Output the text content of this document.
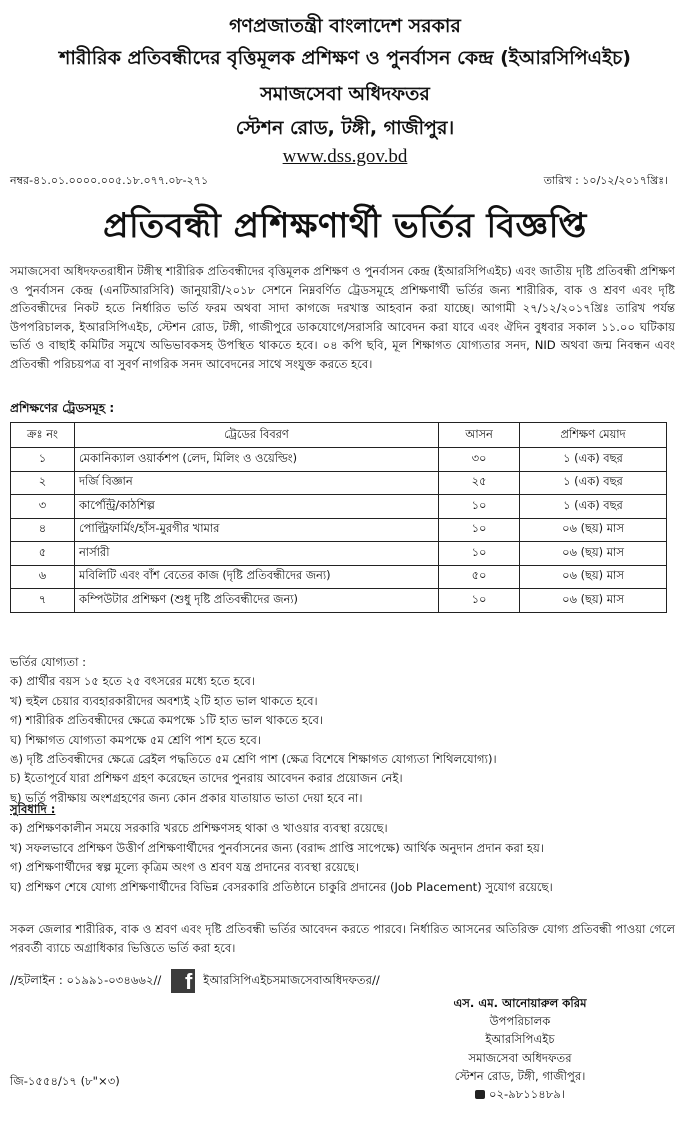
গণপ্রজাতন্ত্রী বাংলাদেশ সরকার
শারীরিক প্রতিবন্ধীদের বৃত্তিমূলক প্রশিক্ষণ ও পুনর্বাসন কেন্দ্র (ইআরসিপিএইচ)
সমাজসেবা অধিদফতর
স্টেশন রোড, টঙ্গী, গাজীপুর।
www.dss.gov.bd
নম্বর-৪১.০১.০০০০.০০৫.১৮.০৭৭.০৮-২৭১	তারিখ : ১০/১২/২০১৭খ্রিঃ।
প্রতিবন্ধী প্রশিক্ষণার্থী ভর্তির বিজ্ঞপ্তি
সমাজসেবা অধিদফতরাধীন টঙ্গীস্থ শারীরিক প্রতিবন্ধীদের বৃত্তিমূলক প্রশিক্ষণ ও পুনর্বাসন কেন্দ্র (ইআরসিপিএইচ) এবং জাতীয় দৃষ্টি প্রতিবন্ধী প্রশিক্ষণ ও পুনর্বাসন কেন্দ্র (এনটিআরসিবি) জানুয়ারী/২০১৮ সেশনে নিম্নবর্ণিত ট্রেডসমূহে প্রশিক্ষণার্থী ভর্তির জন্য শারীরিক, বাক ও শ্রবণ এবং দৃষ্টি প্রতিবন্ধীদের নিকট হতে নির্ধারিত ভর্তি ফরম অথবা সাদা কাগজে দরখাস্ত আহবান করা যাচ্ছে। আগামী ২৭/১২/২০১৭খ্রিঃ তারিখ পর্যন্ত উপপরিচালক, ইআরসিপিএইচ, স্টেশন রোড, টঙ্গী, গাজীপুরে ডাকযোগে/সরাসরি আবেদন করা যাবে এবং ঐদিন বুধবার সকাল ১১.০০ ঘটিকায় ভর্তি ও বাছাই কমিটির সমুখে অভিভাবকসহ উপস্থিত থাকতে হবে। ০৪ কপি ছবি, মূল শিক্ষাগত যোগ্যতার সনদ, NID অথবা জন্ম নিবন্ধন এবং প্রতিবন্ধী পরিচয়পত্র বা সুবর্ণ নাগরিক সনদ আবেদনের সাথে সংযুক্ত করতে হবে।
প্রশিক্ষণের ট্রেডসমূহ :
ক্রঃ নং	ট্রেডের বিবরণ	আসন	প্রশিক্ষণ মেয়াদ
১	মেকানিক্যাল ওয়ার্কশপ (লেদ, মিলিং ও ওয়েল্ডিং)	৩০	১ (এক) বছর
২	দর্জি বিজ্ঞান	২৫	১ (এক) বছর
৩	কার্পেন্ট্রি/কাঠশিল্প	১০	১ (এক) বছর
৪	পোল্ট্রিফার্মিং/হাঁস-মুরগীর খামার	১০	০৬ (ছয়) মাস
৫	নার্সারী	১০	০৬ (ছয়) মাস
৬	মবিলিটি এবং বাঁশ বেতের কাজ (দৃষ্টি প্রতিবন্ধীদের জন্য)	৫০	০৬ (ছয়) মাস
৭	কম্পিউটার প্রশিক্ষণ (শুধু দৃষ্টি প্রতিবন্ধীদের জন্য)	১০	০৬ (ছয়) মাস
ভর্তির যোগ্যতা :
ক) প্রার্থীর বয়স ১৫ হতে ২৫ বৎসরের মধ্যে হতে হবে।
খ) হুইল চেয়ার ব্যবহারকারীদের অবশ্যই ২টি হাত ভাল থাকতে হবে।
গ) শারীরিক প্রতিবন্ধীদের ক্ষেত্রে কমপক্ষে ১টি হাত ভাল থাকতে হবে।
ঘ) শিক্ষাগত যোগ্যতা কমপক্ষে ৫ম শ্রেণি পাশ হতে হবে।
ঙ) দৃষ্টি প্রতিবন্ধীদের ক্ষেত্রে ব্রেইল পদ্ধতিতে ৫ম শ্রেণি পাশ (ক্ষেত্র বিশেষে শিক্ষাগত যোগ্যতা শিথিলযোগ্য)।
চ) ইতোপূর্বে যারা প্রশিক্ষণ গ্রহণ করেছেন তাদের পুনরায় আবেদন করার প্রয়োজন নেই।
ছ) ভর্তি পরীক্ষায় অংশগ্রহণের জন্য কোন প্রকার যাতায়াত ভাতা দেয়া হবে না।
সুবিধাদি :
ক) প্রশিক্ষণকালীন সময়ে সরকারি খরচে প্রশিক্ষণসহ থাকা ও খাওয়ার ব্যবস্থা রয়েছে।
খ) সফলভাবে প্রশিক্ষণ উত্তীর্ণ প্রশিক্ষণার্থীদের পুনর্বাসনের জন্য (বরাদ্দ প্রাপ্তি সাপেক্ষে) আর্থিক অনুদান প্রদান করা হয়।
গ) প্রশিক্ষণার্থীদের স্বল্প মূল্যে কৃত্রিম অংগ ও শ্রবণ যন্ত্র প্রদানের ব্যবস্থা রয়েছে।
ঘ) প্রশিক্ষণ শেষে যোগ্য প্রশিক্ষণার্থীদের বিভিন্ন বেসরকারি প্রতিষ্ঠানে চাকুরি প্রদানের (Job Placement) সুযোগ রয়েছে।
সকল জেলার শারীরিক, বাক ও শ্রবণ এবং দৃষ্টি প্রতিবন্ধী ভর্তির আবেদন করতে পারবে। নির্ধারিত আসনের অতিরিক্ত যোগ্য প্রতিবন্ধী পাওয়া গেলে পরবর্তী ব্যাচে অগ্রাধিকার ভিত্তিতে ভর্তি করা হবে।
//হটলাইন : ০১৯৯১-০৩৪৬৬২//	f ইআরসিপিএইচসমাজসেবাঅধিদফতর//
এস. এম. আনোয়ারুল করিম
উপপরিচালক
ইআরসিপিএইচ
সমাজসেবা অধিদফতর
স্টেশন রোড, টঙ্গী, গাজীপুর।
০২-৯৮১১৪৮৯।
জি-১৫৫৪/১৭ (৮"×৩)
